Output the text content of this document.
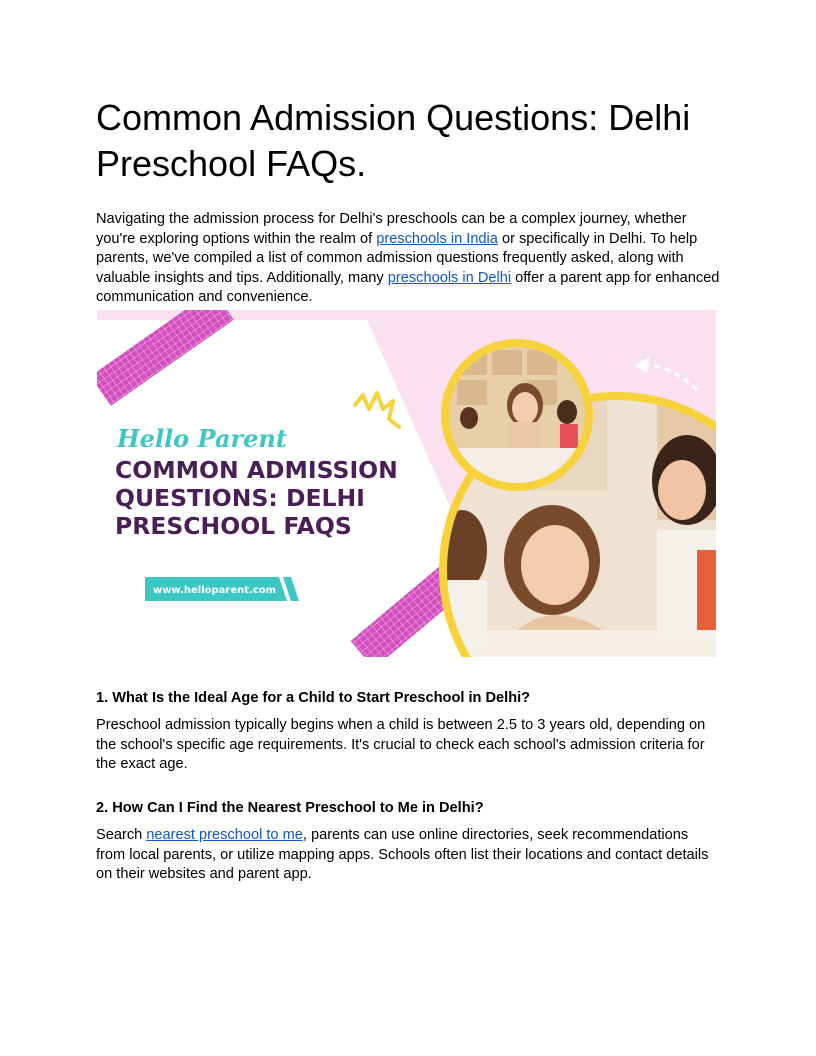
Common Admission Questions: Delhi
Preschool FAQs.

Navigating the admission process for Delhi's preschools can be a complex journey, whether you're exploring options within the realm of preschools in India or specifically in Delhi. To help parents, we've compiled a list of common admission questions frequently asked, along with valuable insights and tips. Additionally, many preschools in Delhi offer a parent app for enhanced communication and convenience.

Hello Parent
COMMON ADMISSION
QUESTIONS: DELHI
PRESCHOOL FAQS
www.helloparent.com

1. What Is the Ideal Age for a Child to Start Preschool in Delhi?

Preschool admission typically begins when a child is between 2.5 to 3 years old, depending on the school's specific age requirements. It's crucial to check each school's admission criteria for the exact age.

2. How Can I Find the Nearest Preschool to Me in Delhi?

Search nearest preschool to me, parents can use online directories, seek recommendations from local parents, or utilize mapping apps. Schools often list their locations and contact details on their websites and parent app.
